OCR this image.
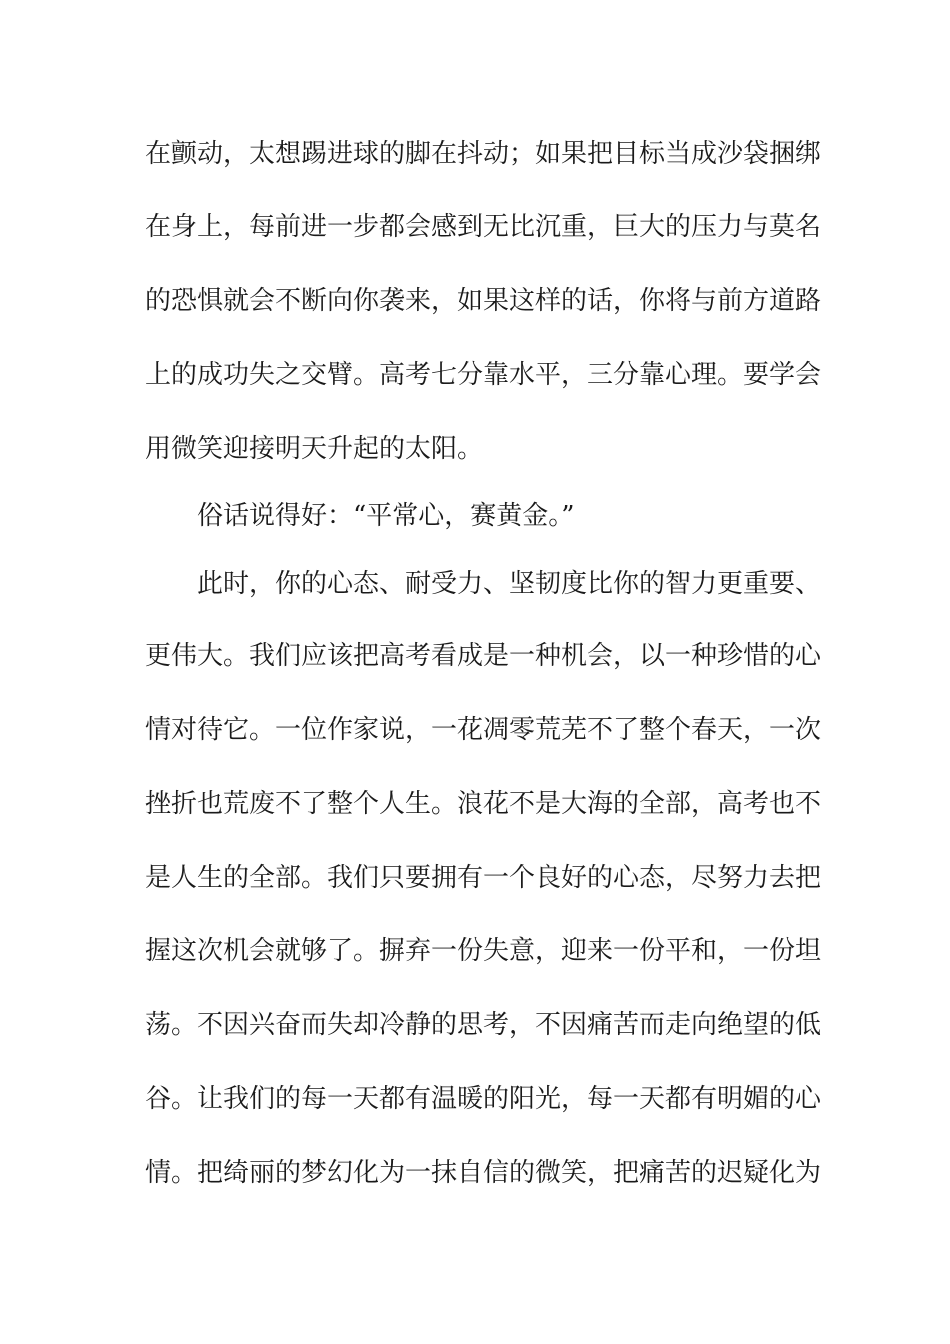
在颤动，太想踢进球的脚在抖动；如果把目标当成沙袋捆绑
在身上，每前进一步都会感到无比沉重，巨大的压力与莫名
的恐惧就会不断向你袭来，如果这样的话，你将与前方道路
上的成功失之交臂。高考七分靠水平，三分靠心理。要学会
用微笑迎接明天升起的太阳。
俗话说得好：“平常心，赛黄金。”
此时，你的心态、耐受力、坚韧度比你的智力更重要、
更伟大。我们应该把高考看成是一种机会，以一种珍惜的心
情对待它。一位作家说，一花凋零荒芜不了整个春天，一次
挫折也荒废不了整个人生。浪花不是大海的全部，高考也不
是人生的全部。我们只要拥有一个良好的心态，尽努力去把
握这次机会就够了。摒弃一份失意，迎来一份平和，一份坦
荡。不因兴奋而失却冷静的思考，不因痛苦而走向绝望的低
谷。让我们的每一天都有温暖的阳光，每一天都有明媚的心
情。把绮丽的梦幻化为一抹自信的微笑，把痛苦的迟疑化为
